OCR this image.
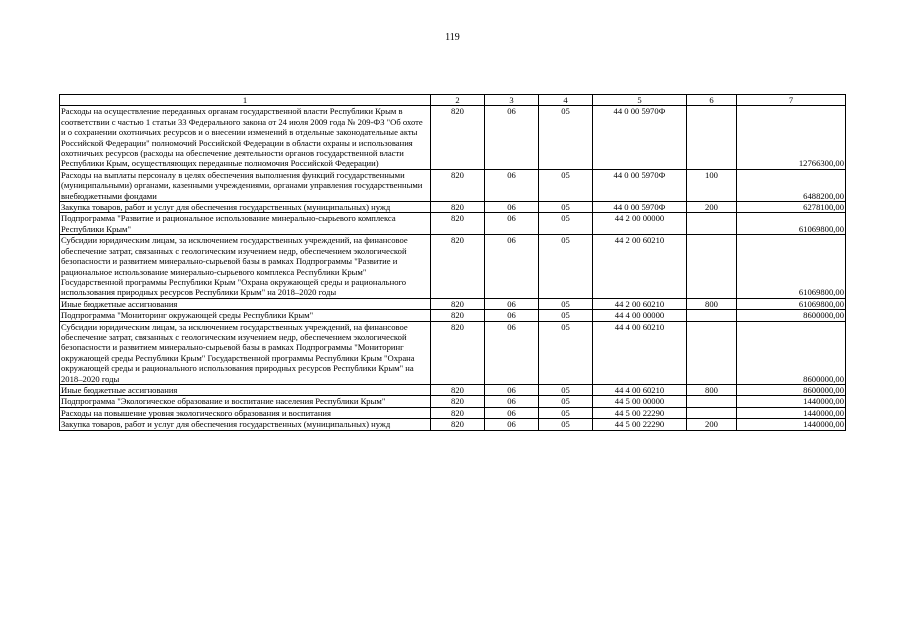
119
1	2	3	4	5	6	7
Расходы на осуществление переданных органам государственной власти Республики Крым в соответствии с частью 1 статьи 33 Федерального закона от 24 июля 2009 года № 209-ФЗ "Об охоте и о сохранении охотничьих ресурсов и о внесении изменений в отдельные законодательные акты Российской Федерации" полномочий Российской Федерации в области охраны и использования охотничьих ресурсов (расходы на обеспечение деятельности органов государственной власти Республики Крым, осуществляющих переданные полномочия Российской Федерации)	820	06	05	44 0 00 5970Ф		12766300,00
Расходы на выплаты персоналу в целях обеспечения выполнения функций государственными (муниципальными) органами, казенными учреждениями, органами управления государственными внебюджетными фондами	820	06	05	44 0 00 5970Ф	100	6488200,00
Закупка товаров, работ и услуг для обеспечения государственных (муниципальных) нужд	820	06	05	44 0 00 5970Ф	200	6278100,00
Подпрограмма "Развитие и рациональное использование минерально-сырьевого комплекса Республики Крым"	820	06	05	44 2 00 00000		61069800,00
Субсидии юридическим лицам, за исключением государственных учреждений, на финансовое обеспечение затрат, связанных с геологическим изучением недр, обеспечением экологической безопасности и развитием минерально-сырьевой базы в рамках Подпрограммы "Развитие и рациональное использование минерально-сырьевого комплекса Республики Крым" Государственной программы Республики Крым "Охрана окружающей среды и рационального использования природных ресурсов Республики Крым" на 2018–2020 годы	820	06	05	44 2 00 60210		61069800,00
Иные бюджетные ассигнования	820	06	05	44 2 00 60210	800	61069800,00
Подпрограмма "Мониторинг окружающей среды Республики Крым"	820	06	05	44 4 00 00000		8600000,00
Субсидии юридическим лицам, за исключением государственных учреждений, на финансовое обеспечение затрат, связанных с геологическим изучением недр, обеспечением экологической безопасности и развитием минерально-сырьевой базы в рамках Подпрограммы "Мониторинг окружающей среды Республики Крым" Государственной программы Республики Крым "Охрана окружающей среды и рационального использования природных ресурсов Республики Крым" на 2018–2020 годы	820	06	05	44 4 00 60210		8600000,00
Иные бюджетные ассигнования	820	06	05	44 4 00 60210	800	8600000,00
Подпрограмма "Экологическое образование и воспитание населения Республики Крым"	820	06	05	44 5 00 00000		1440000,00
Расходы на повышение уровня экологического образования и воспитания	820	06	05	44 5 00 22290		1440000,00
Закупка товаров, работ и услуг для обеспечения государственных (муниципальных) нужд	820	06	05	44 5 00 22290	200	1440000,00
